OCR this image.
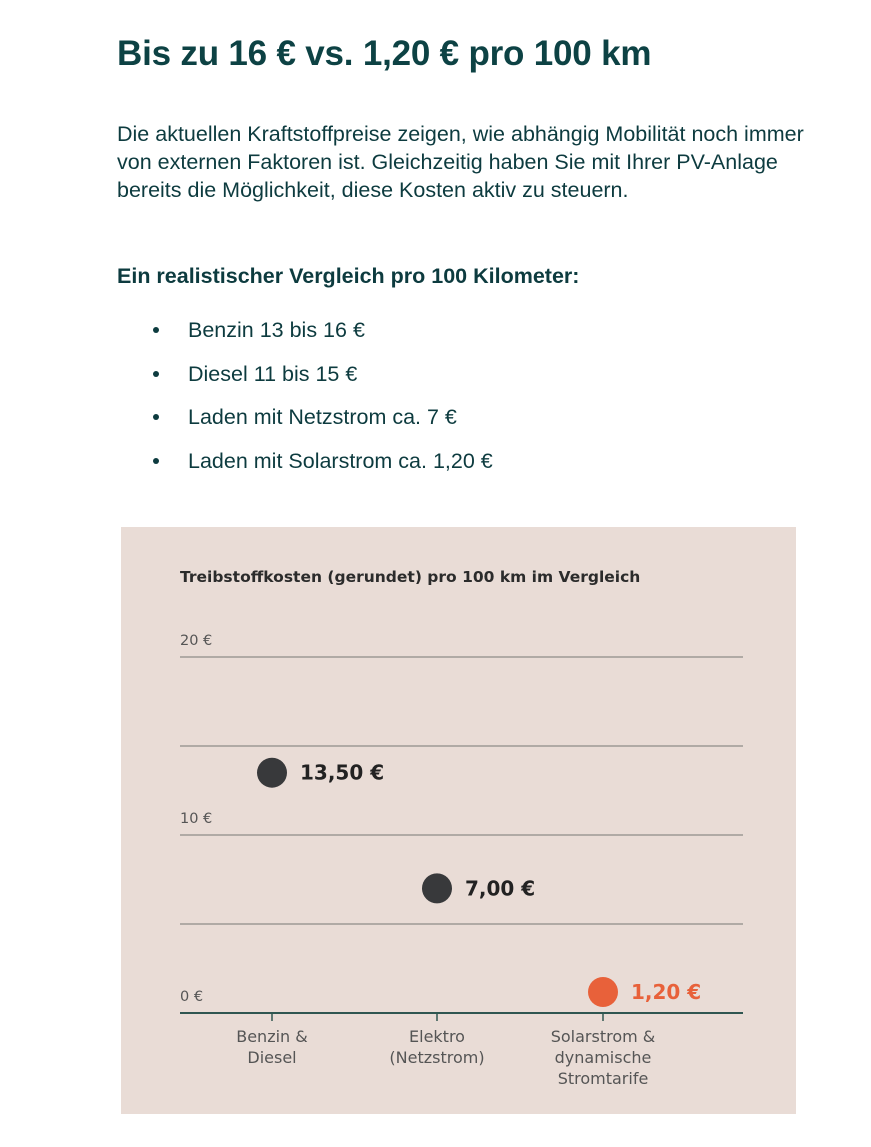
Bis zu 16 € vs. 1,20 € pro 100 km

Die aktuellen Kraftstoffpreise zeigen, wie abhängig Mobilität noch immer von externen Faktoren ist. Gleichzeitig haben Sie mit Ihrer PV-Anlage bereits die Möglichkeit, diese Kosten aktiv zu steuern.

Ein realistischer Vergleich pro 100 Kilometer:

Benzin 13 bis 16 €
Diesel 11 bis 15 €
Laden mit Netzstrom ca. 7 €
Laden mit Solarstrom ca. 1,20 €
Treibstoffkosten (gerundet) pro 100 km im Vergleich
0 €
10 €
20 €
Benzin &
Diesel
Elektro
(Netzstrom)
Solarstrom &
dynamische
Stromtarife
13,50 €
7,00 €
1,20 €
